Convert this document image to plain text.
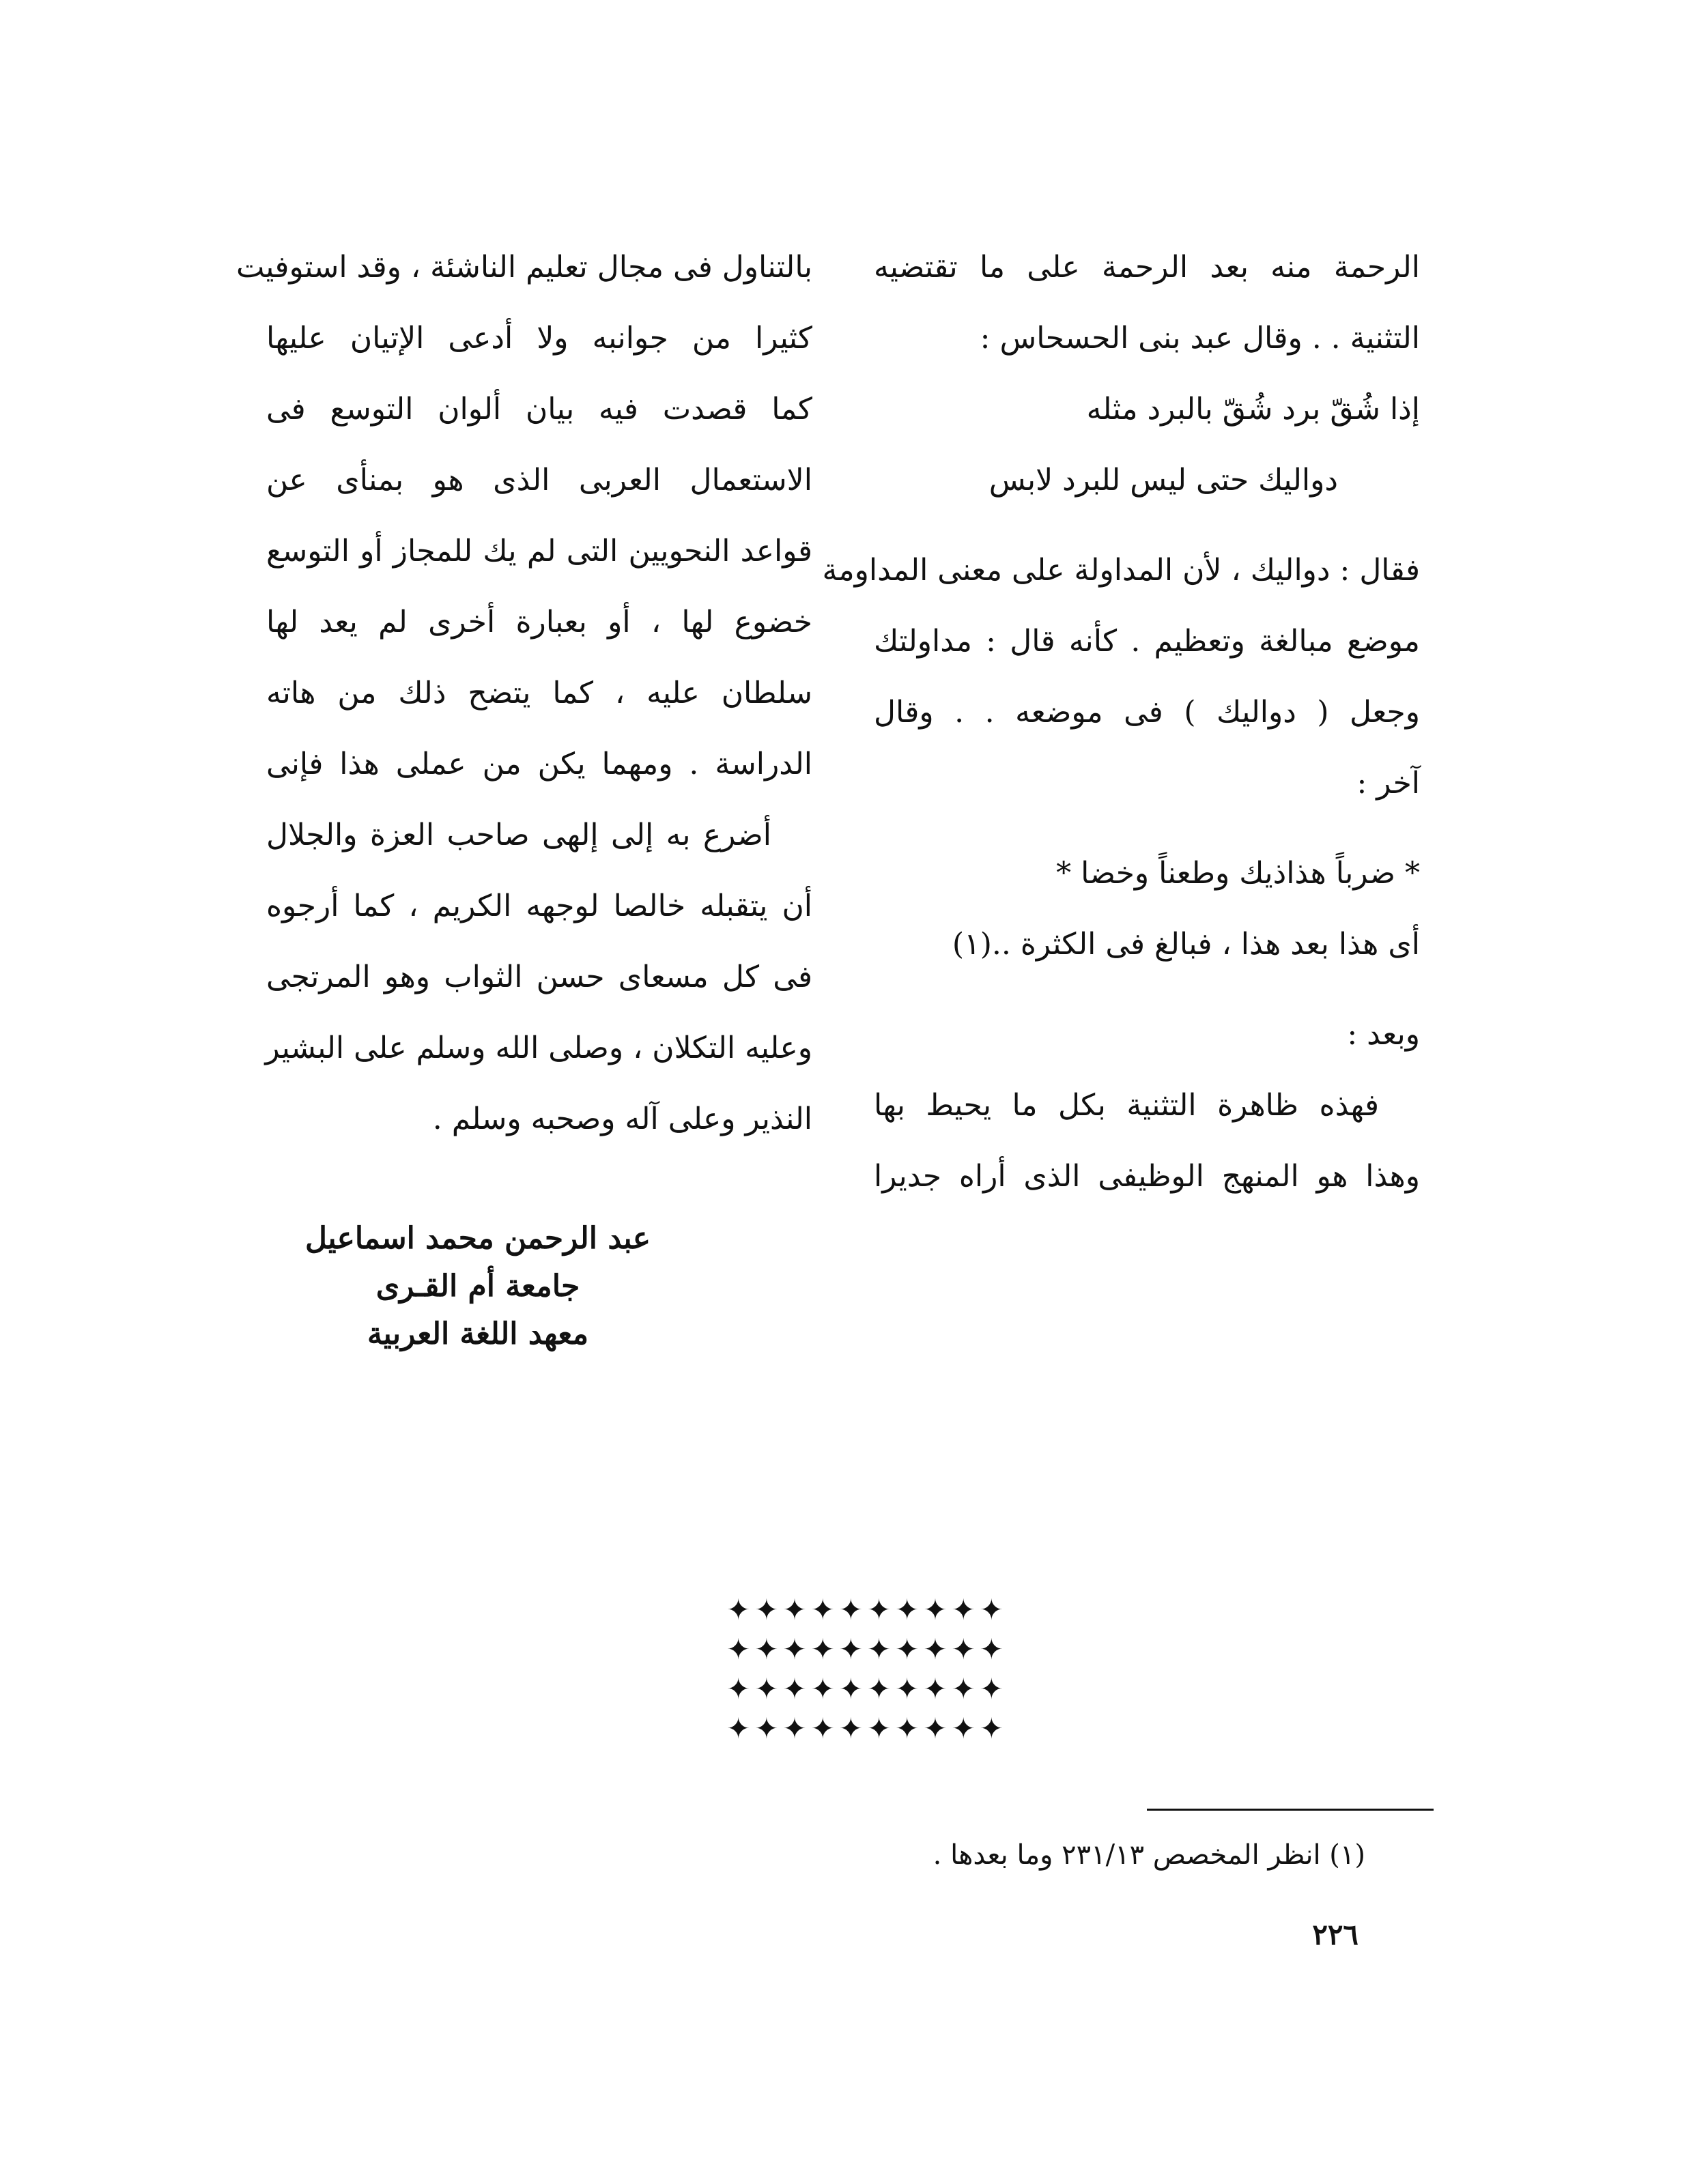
الرحمة منه بعد الرحمة على ما تقتضيه
التثنية . . وقال عبد بنى الحسحاس :
إذا شُقّ برد شُقّ بالبرد مثله
دواليك حتى ليس للبرد لابس
فقال : دواليك ، لأن المداولة على معنى المداومة
موضع مبالغة وتعظيم . كأنه قال : مداولتك
وجعل ( دواليك ) فى موضعه . . وقال
آخر :
* ضرباً هذاذيك وطعناً وخضا *
أى هذا بعد هذا ، فبالغ فى الكثرة ..(١)
وبعد :
فهذه ظاهرة التثنية بكل ما يحيط بها
وهذا هو المنهج الوظيفى الذى أراه جديرا
بالتناول فى مجال تعليم الناشئة ، وقد استوفيت
كثيرا من جوانبه ولا أدعى الإتيان عليها
كما قصدت فيه بيان ألوان التوسع فى
الاستعمال العربى الذى هو بمنأى عن
قواعد النحويين التى لم يك للمجاز أو التوسع
خضوع لها ، أو بعبارة أخرى لم يعد لها
سلطان عليه ، كما يتضح ذلك من هاته
الدراسة . ومهما يكن من عملى هذا فإنى
أضرع به إلى إلهى صاحب العزة والجلال
أن يتقبله خالصا لوجهه الكريم ، كما أرجوه
فى كل مسعاى حسن الثواب وهو المرتجى
وعليه التكلان ، وصلى الله وسلم على البشير
النذير وعلى آله وصحبه وسلم .
عبد الرحمن محمد اسماعيل
جامعة أم القـرى
معهد اللغة العربية
✦✦✦✦✦✦✦✦✦✦
✦✦✦✦✦✦✦✦✦✦
✦✦✦✦✦✦✦✦✦✦
✦✦✦✦✦✦✦✦✦✦
(١) انظر المخصص ٢٣١/١٣ وما بعدها .
٢٢٦
